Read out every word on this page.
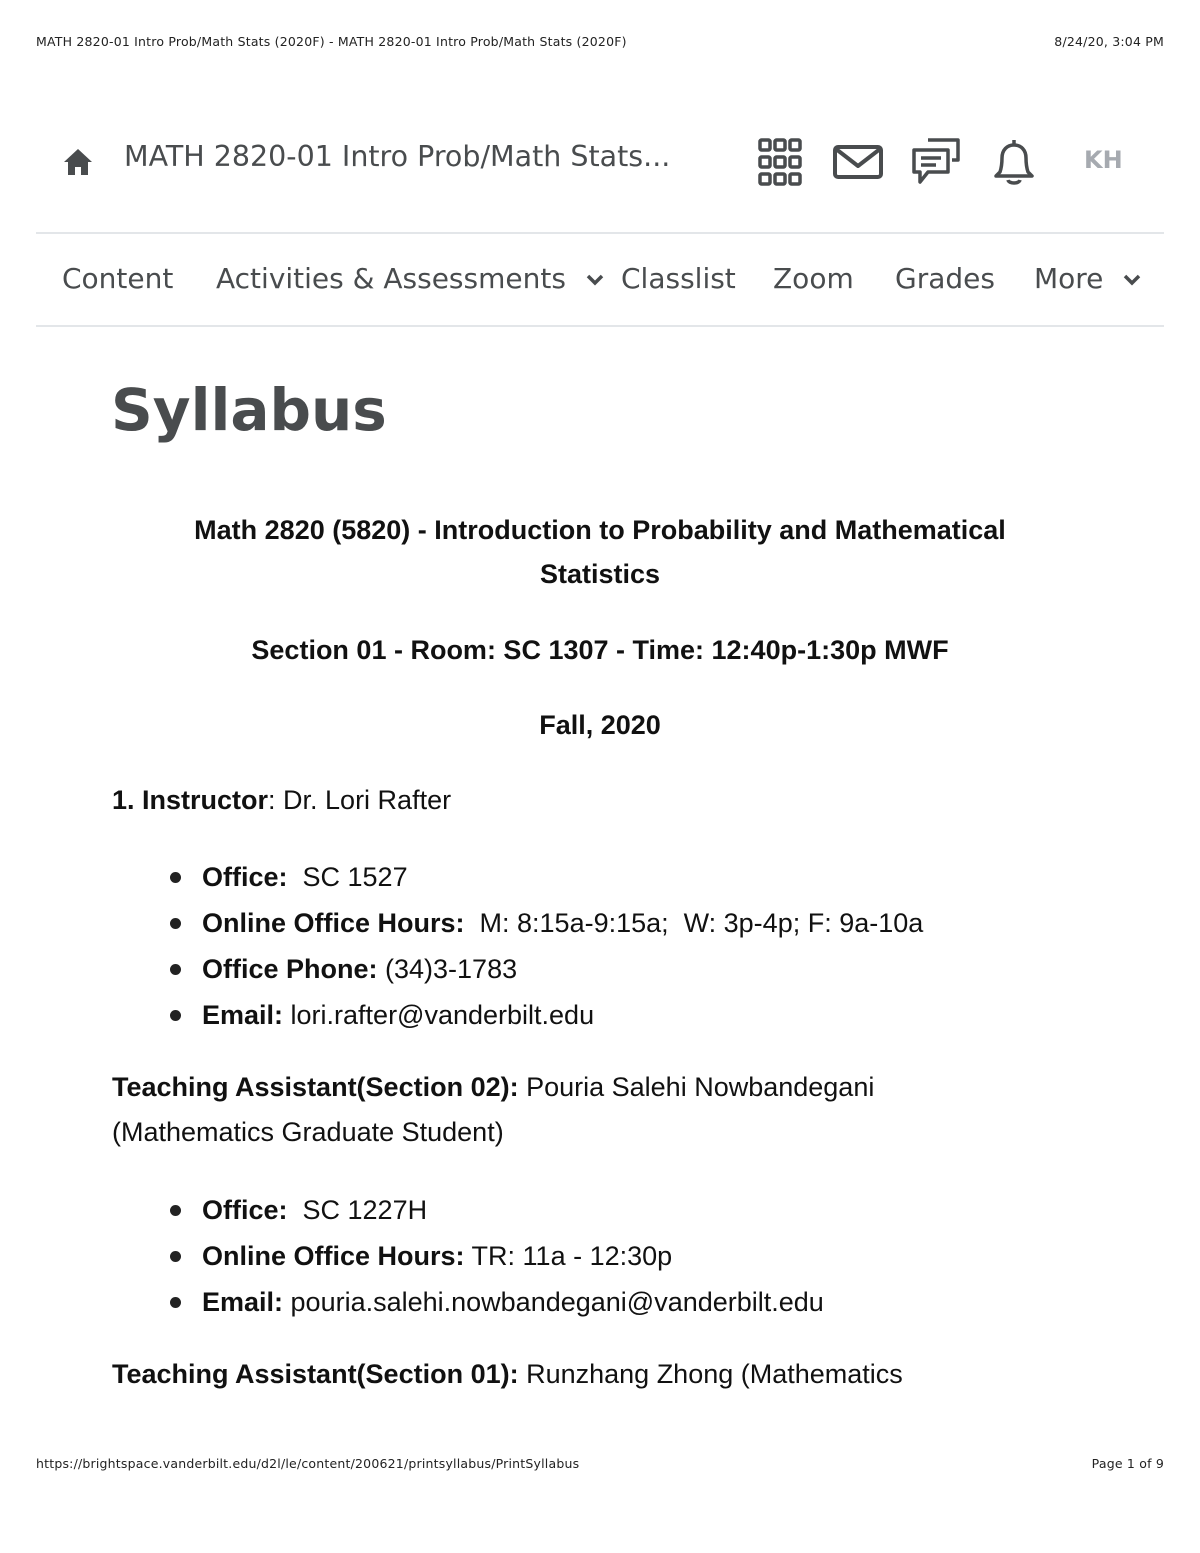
MATH 2820-01 Intro Prob/Math Stats (2020F) - MATH 2820-01 Intro Prob/Math Stats (2020F)	8/24/20, 3:04 PM
MATH 2820-01 Intro Prob/Math Stats...	KH
Content Activities & Assessments	Classlist Zoom Grades More
Syllabus
Math 2820 (5820) - Introduction to Probability and Mathematical
Statistics
Section 01 - Room: SC 1307 - Time: 12:40p-1:30p MWF
Fall, 2020
1. Instructor: Dr. Lori Rafter
Office:  SC 1527
Online Office Hours:  M: 8:15a-9:15a;  W: 3p-4p; F: 9a-10a
Office Phone: (34)3-1783
Email: lori.rafter@vanderbilt.edu
Teaching Assistant(Section 02): Pouria Salehi Nowbandegani
(Mathematics Graduate Student)
Office:  SC 1227H
Online Office Hours: TR: 11a - 12:30p
Email: pouria.salehi.nowbandegani@vanderbilt.edu
Teaching Assistant(Section 01): Runzhang Zhong (Mathematics
https://brightspace.vanderbilt.edu/d2l/le/content/200621/printsyllabus/PrintSyllabus	Page 1 of 9
